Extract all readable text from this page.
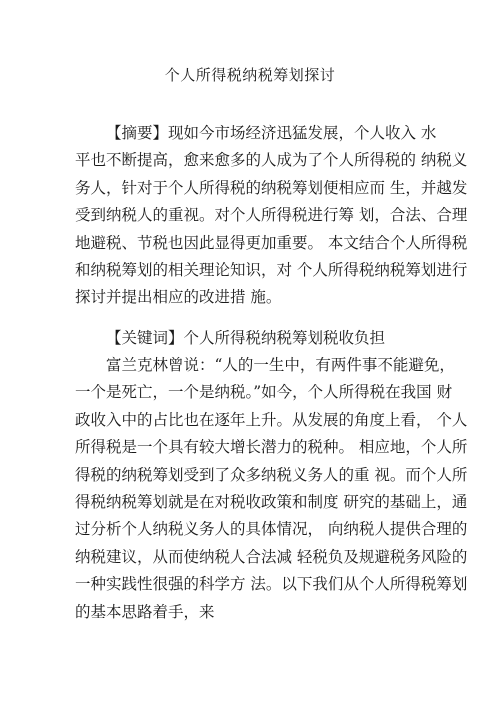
个人所得税纳税筹划探讨
【摘要】现如今市场经济迅猛发展，个人收入 水
平也不断提高，愈来愈多的人成为了个人所得税的 纳税义
务人，针对于个人所得税的纳税筹划便相应而 生，并越发
受到纳税人的重视。对个人所得税进行筹 划，合法、合理
地避税、节税也因此显得更加重要。 本文结合个人所得税
和纳税筹划的相关理论知识，对 个人所得税纳税筹划进行
探讨并提出相应的改进措 施。
【关键词】个人所得税纳税筹划税收负担
富兰克林曾说：“人的一生中，有两件事不能避免，
一个是死亡，一个是纳税。”如今，个人所得税在我国 财
政收入中的占比也在逐年上升。从发展的角度上看， 个人
所得税是一个具有较大增长潜力的税种。 相应地，个人所
得税的纳税筹划受到了众多纳税义务人的重 视。而个人所
得税纳税筹划就是在对税收政策和制度 研究的基础上，通
过分析个人纳税义务人的具体情况， 向纳税人提供合理的
纳税建议，从而使纳税人合法减 轻税负及规避税务风险的
一种实践性很强的科学方 法。以下我们从个人所得税筹划
的基本思路着手，来
